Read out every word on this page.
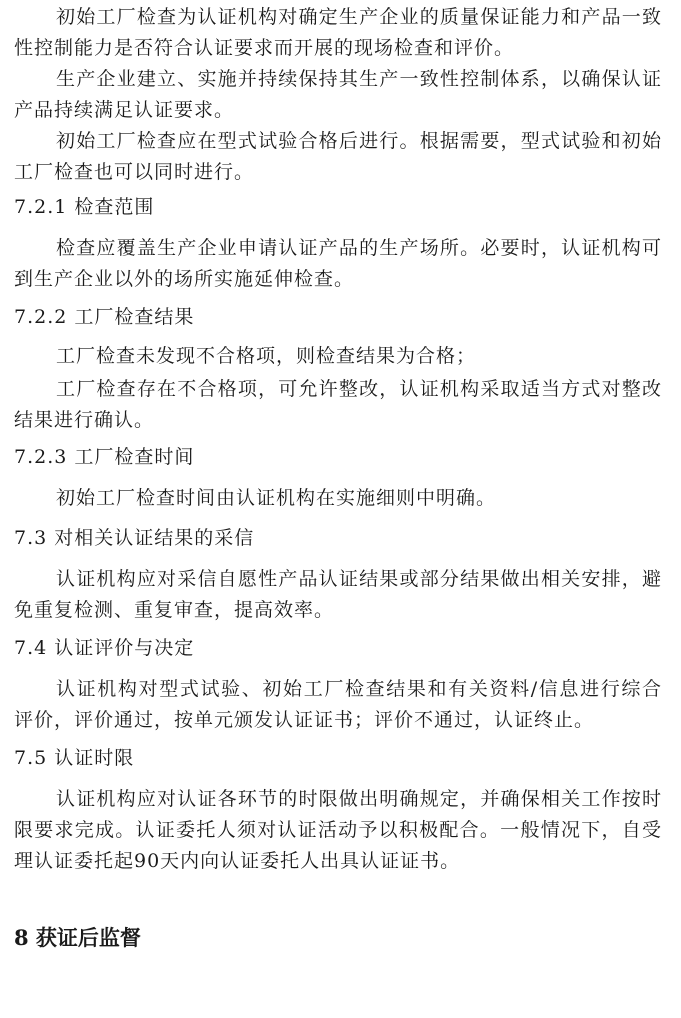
初始工厂检查为认证机构对确定生产企业的质量保证能力和产品一致性控制能力是否符合认证要求而开展的现场检查和评价。

生产企业建立、实施并持续保持其生产一致性控制体系，以确保认证产品持续满足认证要求。

初始工厂检查应在型式试验合格后进行。根据需要，型式试验和初始工厂检查也可以同时进行。

7.2.1 检查范围

检查应覆盖生产企业申请认证产品的生产场所。必要时，认证机构可到生产企业以外的场所实施延伸检查。

7.2.2 工厂检查结果

工厂检查未发现不合格项，则检查结果为合格；

工厂检查存在不合格项，可允许整改，认证机构采取适当方式对整改结果进行确认。

7.2.3 工厂检查时间

初始工厂检查时间由认证机构在实施细则中明确。

7.3 对相关认证结果的采信

认证机构应对采信自愿性产品认证结果或部分结果做出相关安排，避免重复检测、重复审查，提高效率。

7.4 认证评价与决定

认证机构对型式试验、初始工厂检查结果和有关资料/信息进行综合评价，评价通过，按单元颁发认证证书；评价不通过，认证终止。

7.5 认证时限

认证机构应对认证各环节的时限做出明确规定，并确保相关工作按时限要求完成。认证委托人须对认证活动予以积极配合。一般情况下，自受理认证委托起90天内向认证委托人出具认证证书。

8 获证后监督
